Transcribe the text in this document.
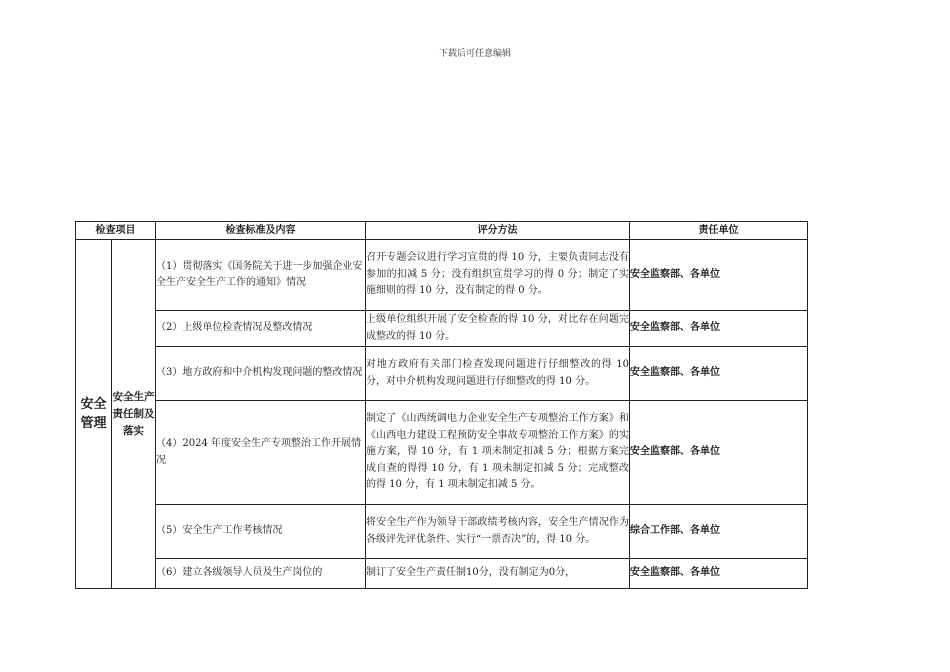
下载后可任意编辑
检查项目		检查标准及内容	评分方法	责任单位
安全管理	安全生产责任制及落实	（1）贯彻落实《国务院关于进一步加强企业安全生产安全生产工作的通知》情况	召开专题会议进行学习宣贯的得 10 分，主要负责同志没有参加的扣减 5 分；没有组织宣贯学习的得 0 分；制定了实施细则的得 10 分，没有制定的得 0 分。	安全监察部、各单位
		（2）上级单位检查情况及整改情况	上级单位组织开展了安全检查的得 10 分，对比存在问题完成整改的得 10 分。	安全监察部、各单位
		（3）地方政府和中介机构发现问题的整改情况	对地方政府有关部门检查发现问题进行仔细整改的得 10 分，对中介机构发现问题进行仔细整改的得 10 分。	安全监察部、各单位
		（4）2024 年度安全生产专项整治工作开展情况	制定了《山西统调电力企业安全生产专项整治工作方案》和《山西电力建设工程预防安全事故专项整治工作方案》的实施方案，得 10 分，有 1 项未制定扣减 5 分；根据方案完成自查的得得 10 分，有 1 项未制定扣减 5 分；完成整改的得 10 分，有 1 项未制定扣减 5 分。	安全监察部、各单位
		（5）安全生产工作考核情况	将安全生产作为领导干部政绩考核内容，安全生产情况作为各级评先评优条件、实行“一票否决”的，得 10 分。	综合工作部、各单位
		（6）建立各级领导人员及生产岗位的	制订了安全生产责任制10分，没有制定为0分，	安全监察部、各单位
